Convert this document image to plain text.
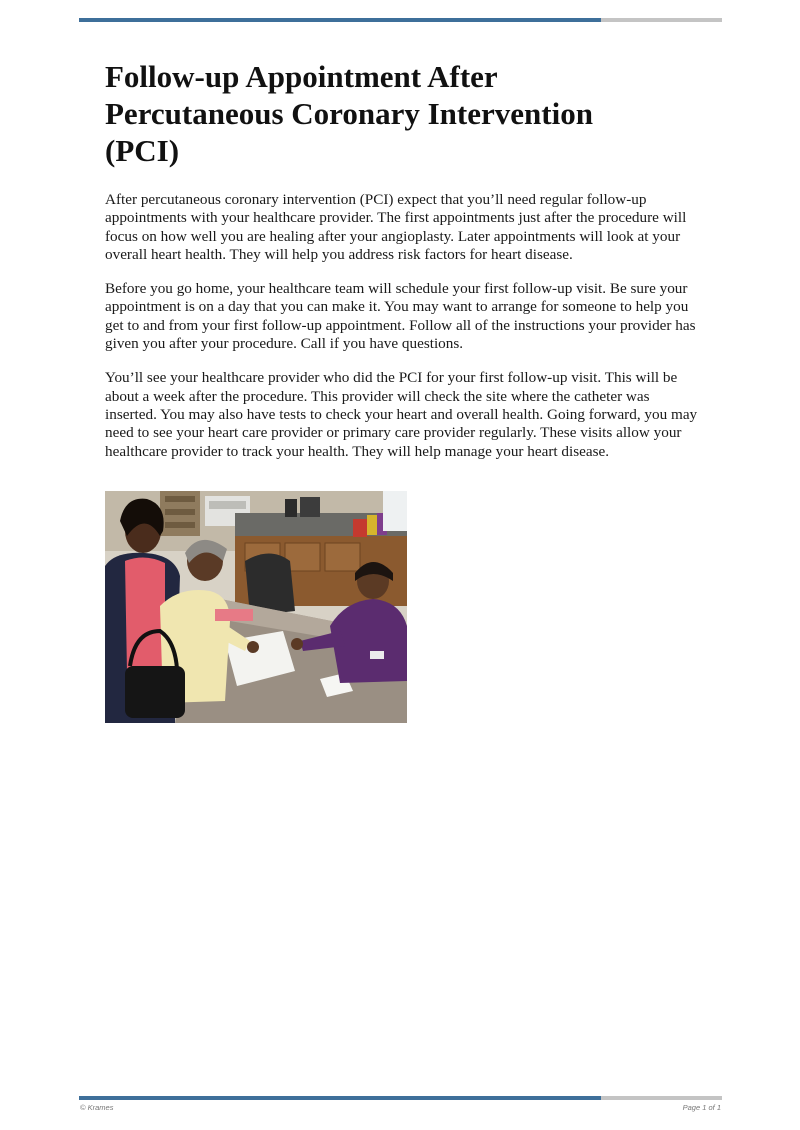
Follow-up Appointment After Percutaneous Coronary Intervention (PCI)

After percutaneous coronary intervention (PCI) expect that you’ll need regular follow-up appointments with your healthcare provider. The first appointments just after the procedure will focus on how well you are healing after your angioplasty. Later appointments will look at your overall heart health. They will help you address risk factors for heart disease.

Before you go home, your healthcare team will schedule your first follow-up visit. Be sure your appointment is on a day that you can make it. You may want to arrange for someone to help you get to and from your first follow-up appointment. Follow all of the instructions your provider has given you after your procedure. Call if you have questions.

You’ll see your healthcare provider who did the PCI for your first follow-up visit. This will be about a week after the procedure. This provider will check the site where the catheter was inserted. You may also have tests to check your heart and overall health. Going forward, you may need to see your heart care provider or primary care provider regularly. These visits allow your healthcare provider to track your health. They will help manage your heart disease.

© Krames	Page 1 of 1
